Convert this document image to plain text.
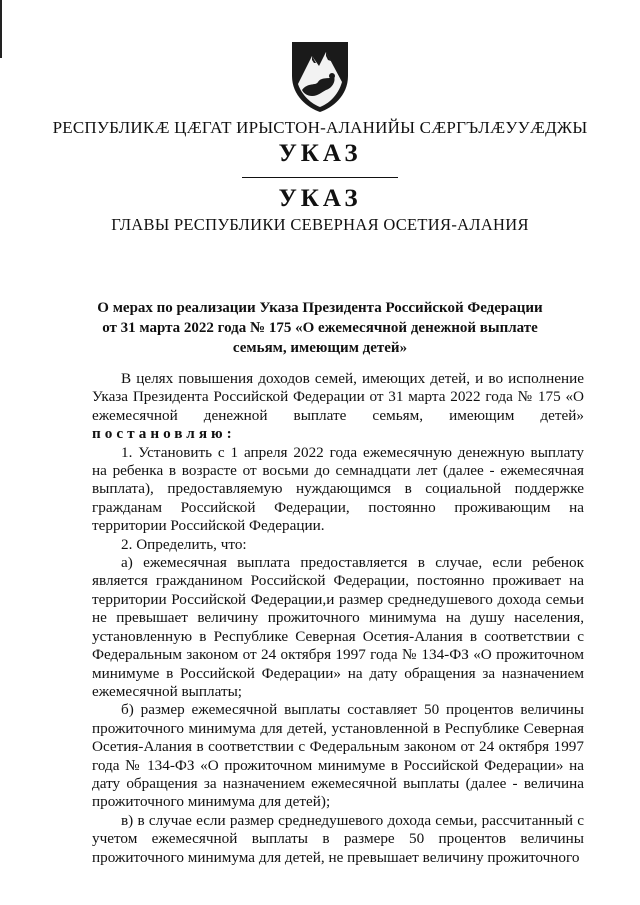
РЕСПУБЛИКӔ ЦӔГАТ ИРЫСТОН-АЛАНИЙЫ СӔРГЪЛӔУУӔДЖЫ
УКАЗ
УКАЗ
ГЛАВЫ РЕСПУБЛИКИ СЕВЕРНАЯ ОСЕТИЯ-АЛАНИЯ
О мерах по реализации Указа Президента Российской Федерации
от 31 марта 2022 года № 175 «О ежемесячной денежной выплате
семьям, имеющим детей»

В целях повышения доходов семей, имеющих детей, и во исполнение Указа Президента Российской Федерации от 31 марта 2022 года № 175 «О ежемесячной денежной выплате семьям, имеющим детей» постановляю:

1. Установить с 1 апреля 2022 года ежемесячную денежную выплату на ребенка в возрасте от восьми до семнадцати лет (далее - ежемесячная выплата), предоставляемую нуждающимся в социальной поддержке гражданам Российской Федерации, постоянно проживающим на территории Российской Федерации.

2. Определить, что:

а) ежемесячная выплата предоставляется в случае, если ребенок является гражданином Российской Федерации, постоянно проживает на территории Российской Федерации,и размер среднедушевого дохода семьи не превышает величину прожиточного минимума на душу населения, установленную в Республике Северная Осетия-Алания в соответствии с Федеральным законом от 24 октября 1997 года № 134-ФЗ «О прожиточном минимуме в Российской Федерации» на дату обращения за назначением ежемесячной выплаты;

б) размер ежемесячной выплаты составляет 50 процентов величины прожиточного минимума для детей, установленной в Республике Северная Осетия-Алания в соответствии с Федеральным законом от 24 октября 1997 года № 134-ФЗ «О прожиточном минимуме в Российской Федерации» на дату обращения за назначением ежемесячной выплаты (далее - величина прожиточного минимума для детей);

в) в случае если размер среднедушевого дохода семьи, рассчитанный с учетом ежемесячной выплаты в размере 50 процентов величины прожиточного минимума для детей, не превышает величину прожиточного
